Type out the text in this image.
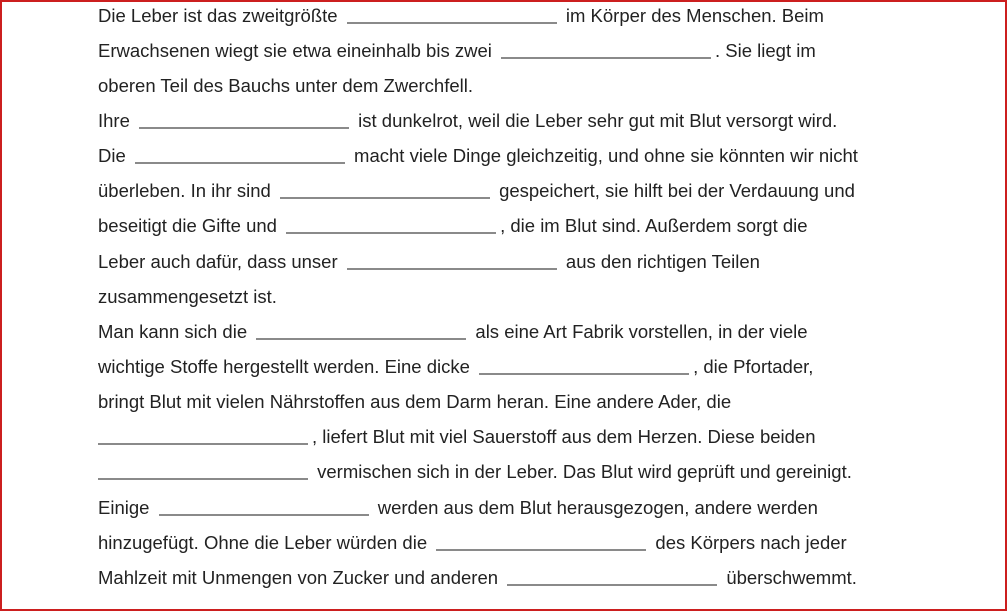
Die Leber ist das zweitgrößte	im Körper des Menschen. Beim
Erwachsenen wiegt sie etwa eineinhalb bis zwei	. Sie liegt im
oberen Teil des Bauchs unter dem Zwerchfell.
Ihre	ist dunkelrot, weil die Leber sehr gut mit Blut versorgt wird.
Die	macht viele Dinge gleichzeitig, und ohne sie könnten wir nicht
überleben. In ihr sind	gespeichert, sie hilft bei der Verdauung und
beseitigt die Gifte und	, die im Blut sind. Außerdem sorgt die
Leber auch dafür, dass unser	aus den richtigen Teilen
zusammengesetzt ist.
Man kann sich die	als eine Art Fabrik vorstellen, in der viele
wichtige Stoffe hergestellt werden. Eine dicke	, die Pfortader,
bringt Blut mit vielen Nährstoffen aus dem Darm heran. Eine andere Ader, die
, liefert Blut mit viel Sauerstoff aus dem Herzen. Diese beiden
vermischen sich in der Leber. Das Blut wird geprüft und gereinigt.
Einige	werden aus dem Blut herausgezogen, andere werden
hinzugefügt. Ohne die Leber würden die	des Körpers nach jeder
Mahlzeit mit Unmengen von Zucker und anderen	überschwemmt.
